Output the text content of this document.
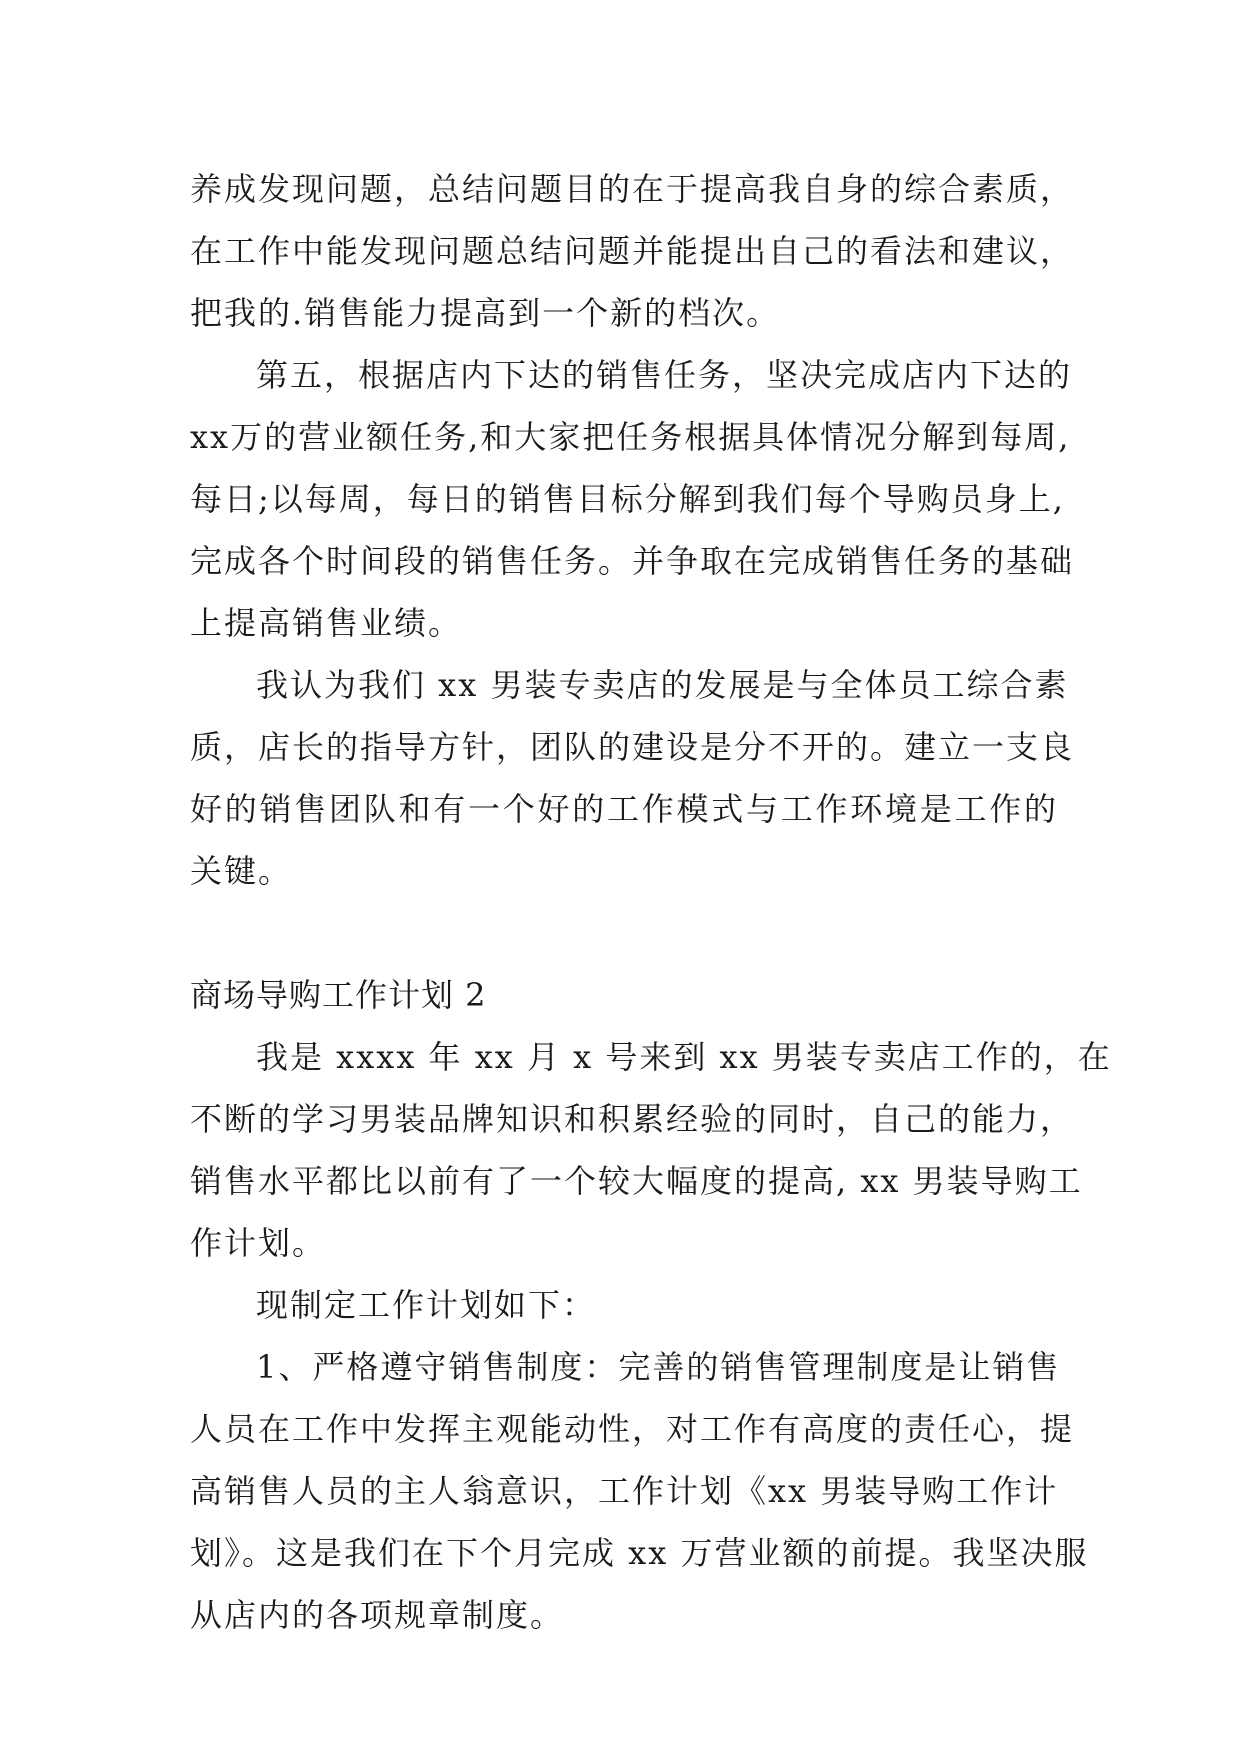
养成发现问题，总结问题目的在于提高我自身的综合素质，
在工作中能发现问题总结问题并能提出自己的看法和建议，
把我的.销售能力提高到一个新的档次。

第五，根据店内下达的销售任务，坚决完成店内下达的
xx万的营业额任务,和大家把任务根据具体情况分解到每周,
每日;以每周，每日的销售目标分解到我们每个导购员身上,
完成各个时间段的销售任务。并争取在完成销售任务的基础
上提高销售业绩。

我认为我们 xx 男装专卖店的发展是与全体员工综合素
质，店长的指导方针，团队的建设是分不开的。建立一支良
好的销售团队和有一个好的工作模式与工作环境是工作的
关键。

商场导购工作计划 2

我是 xxxx 年 xx 月 x 号来到 xx 男装专卖店工作的，在
不断的学习男装品牌知识和积累经验的同时，自己的能力，
销售水平都比以前有了一个较大幅度的提高, xx 男装导购工
作计划。

现制定工作计划如下：

1、严格遵守销售制度：完善的销售管理制度是让销售
人员在工作中发挥主观能动性，对工作有高度的责任心，提
高销售人员的主人翁意识，工作计划《xx 男装导购工作计
划》。这是我们在下个月完成 xx 万营业额的前提。我坚决服
从店内的各项规章制度。
